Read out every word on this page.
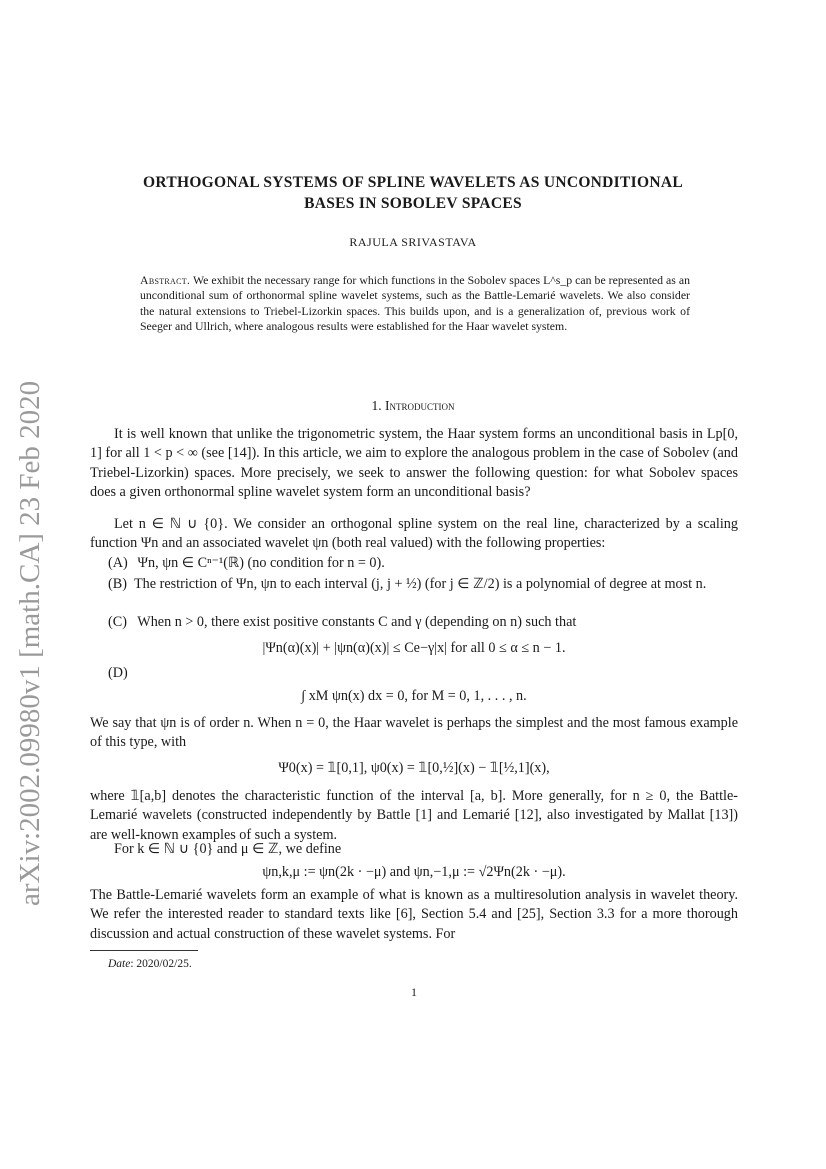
arXiv:2002.09980v1 [math.CA] 23 Feb 2020
ORTHOGONAL SYSTEMS OF SPLINE WAVELETS AS UNCONDITIONAL
BASES IN SOBOLEV SPACES
RAJULA SRIVASTAVA
Abstract. We exhibit the necessary range for which functions in the Sobolev spaces L^s_p can be represented as an unconditional sum of orthonormal spline wavelet systems, such as the Battle-Lemarié wavelets. We also consider the natural extensions to Triebel-Lizorkin spaces. This builds upon, and is a generalization of, previous work of Seeger and Ullrich, where analogous results were established for the Haar wavelet system.
1. Introduction
It is well known that unlike the trigonometric system, the Haar system forms an unconditional basis in Lp[0, 1] for all 1 < p < ∞ (see [14]). In this article, we aim to explore the analogous problem in the case of Sobolev (and Triebel-Lizorkin) spaces. More precisely, we seek to answer the following question: for what Sobolev spaces does a given orthonormal spline wavelet system form an unconditional basis?
Let n ∈ ℕ ∪ {0}. We consider an orthogonal spline system on the real line, characterized by a scaling function Ψn and an associated wavelet ψn (both real valued) with the following properties:
(A) Ψn, ψn ∈ Cⁿ⁻¹(ℝ) (no condition for n = 0).
(B) The restriction of Ψn, ψn to each interval (j, j + ½) (for j ∈ ℤ/2) is a polynomial of degree at most n.
(C) When n > 0, there exist positive constants C and γ (depending on n) such that
|Ψn(α)(x)| + |ψn(α)(x)| ≤ Ce−γ|x| for all 0 ≤ α ≤ n − 1.
(D)
∫ xM ψn(x) dx = 0, for M = 0, 1, . . . , n.
We say that ψn is of order n. When n = 0, the Haar wavelet is perhaps the simplest and the most famous example of this type, with
Ψ0(x) = 𝟙[0,1], ψ0(x) = 𝟙[0,½](x) − 𝟙[½,1](x),
where 𝟙[a,b] denotes the characteristic function of the interval [a, b]. More generally, for n ≥ 0, the Battle-Lemarié wavelets (constructed independently by Battle [1] and Lemarié [12], also investigated by Mallat [13]) are well-known examples of such a system.
For k ∈ ℕ ∪ {0} and μ ∈ ℤ, we define
ψn,k,μ := ψn(2k · −μ) and ψn,−1,μ := √2Ψn(2k · −μ).
The Battle-Lemarié wavelets form an example of what is known as a multiresolution analysis in wavelet theory. We refer the interested reader to standard texts like [6], Section 5.4 and [25], Section 3.3 for a more thorough discussion and actual construction of these wavelet systems. For
Date: 2020/02/25.
1
